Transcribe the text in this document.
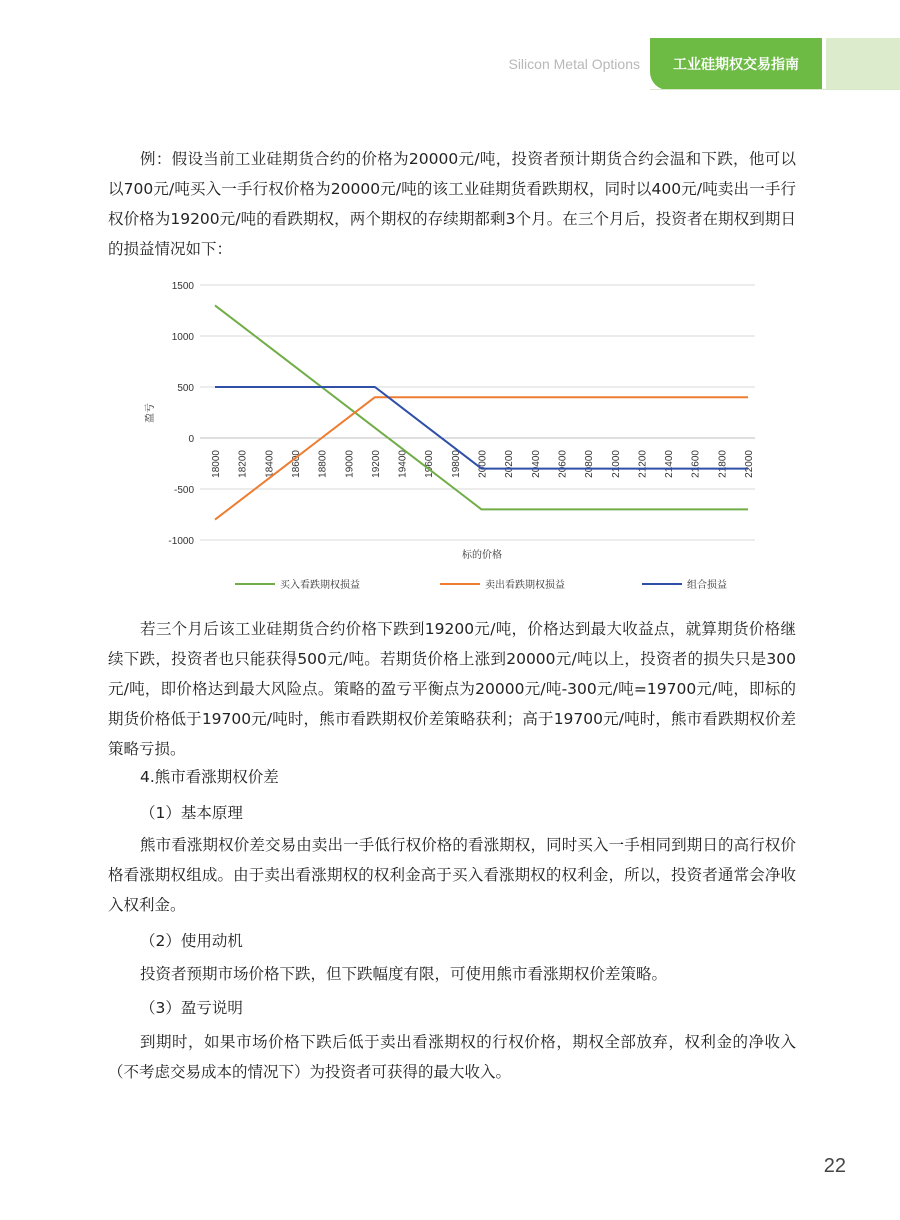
Silicon Metal Options	工业硅期权交易指南

例：假设当前工业硅期货合约的价格为20000元/吨，投资者预计期货合约会温和下跌，他可以以700元/吨买入一手行权价格为20000元/吨的该工业硅期货看跌期权，同时以400元/吨卖出一手行权价格为19200元/吨的看跌期权，两个期权的存续期都剩3个月。在三个月后，投资者在期权到期日的损益情况如下：

1500
1000
500
0
-500
-1000
18000 18200 18400 18600 18800 19000 19200 19400 19600 19800 20000 20200 20400 20600 20800 21000 21200 21400 21600 21800 22000
盈亏
标的价格
买入看跌期权损益	卖出看跌期权损益	组合损益

若三个月后该工业硅期货合约价格下跌到19200元/吨，价格达到最大收益点，就算期货价格继续下跌，投资者也只能获得500元/吨。若期货价格上涨到20000元/吨以上，投资者的损失只是300元/吨，即价格达到最大风险点。策略的盈亏平衡点为20000元/吨-300元/吨=19700元/吨，即标的期货价格低于19700元/吨时，熊市看跌期权价差策略获利；高于19700元/吨时，熊市看跌期权价差策略亏损。

4.熊市看涨期权价差
（1）基本原理

熊市看涨期权价差交易由卖出一手低行权价格的看涨期权，同时买入一手相同到期日的高行权价格看涨期权组成。由于卖出看涨期权的权利金高于买入看涨期权的权利金，所以，投资者通常会净收入权利金。

（2）使用动机

投资者预期市场价格下跌，但下跌幅度有限，可使用熊市看涨期权价差策略。

（3）盈亏说明

到期时，如果市场价格下跌后低于卖出看涨期权的行权价格，期权全部放弃，权利金的净收入（不考虑交易成本的情况下）为投资者可获得的最大收入。

22
